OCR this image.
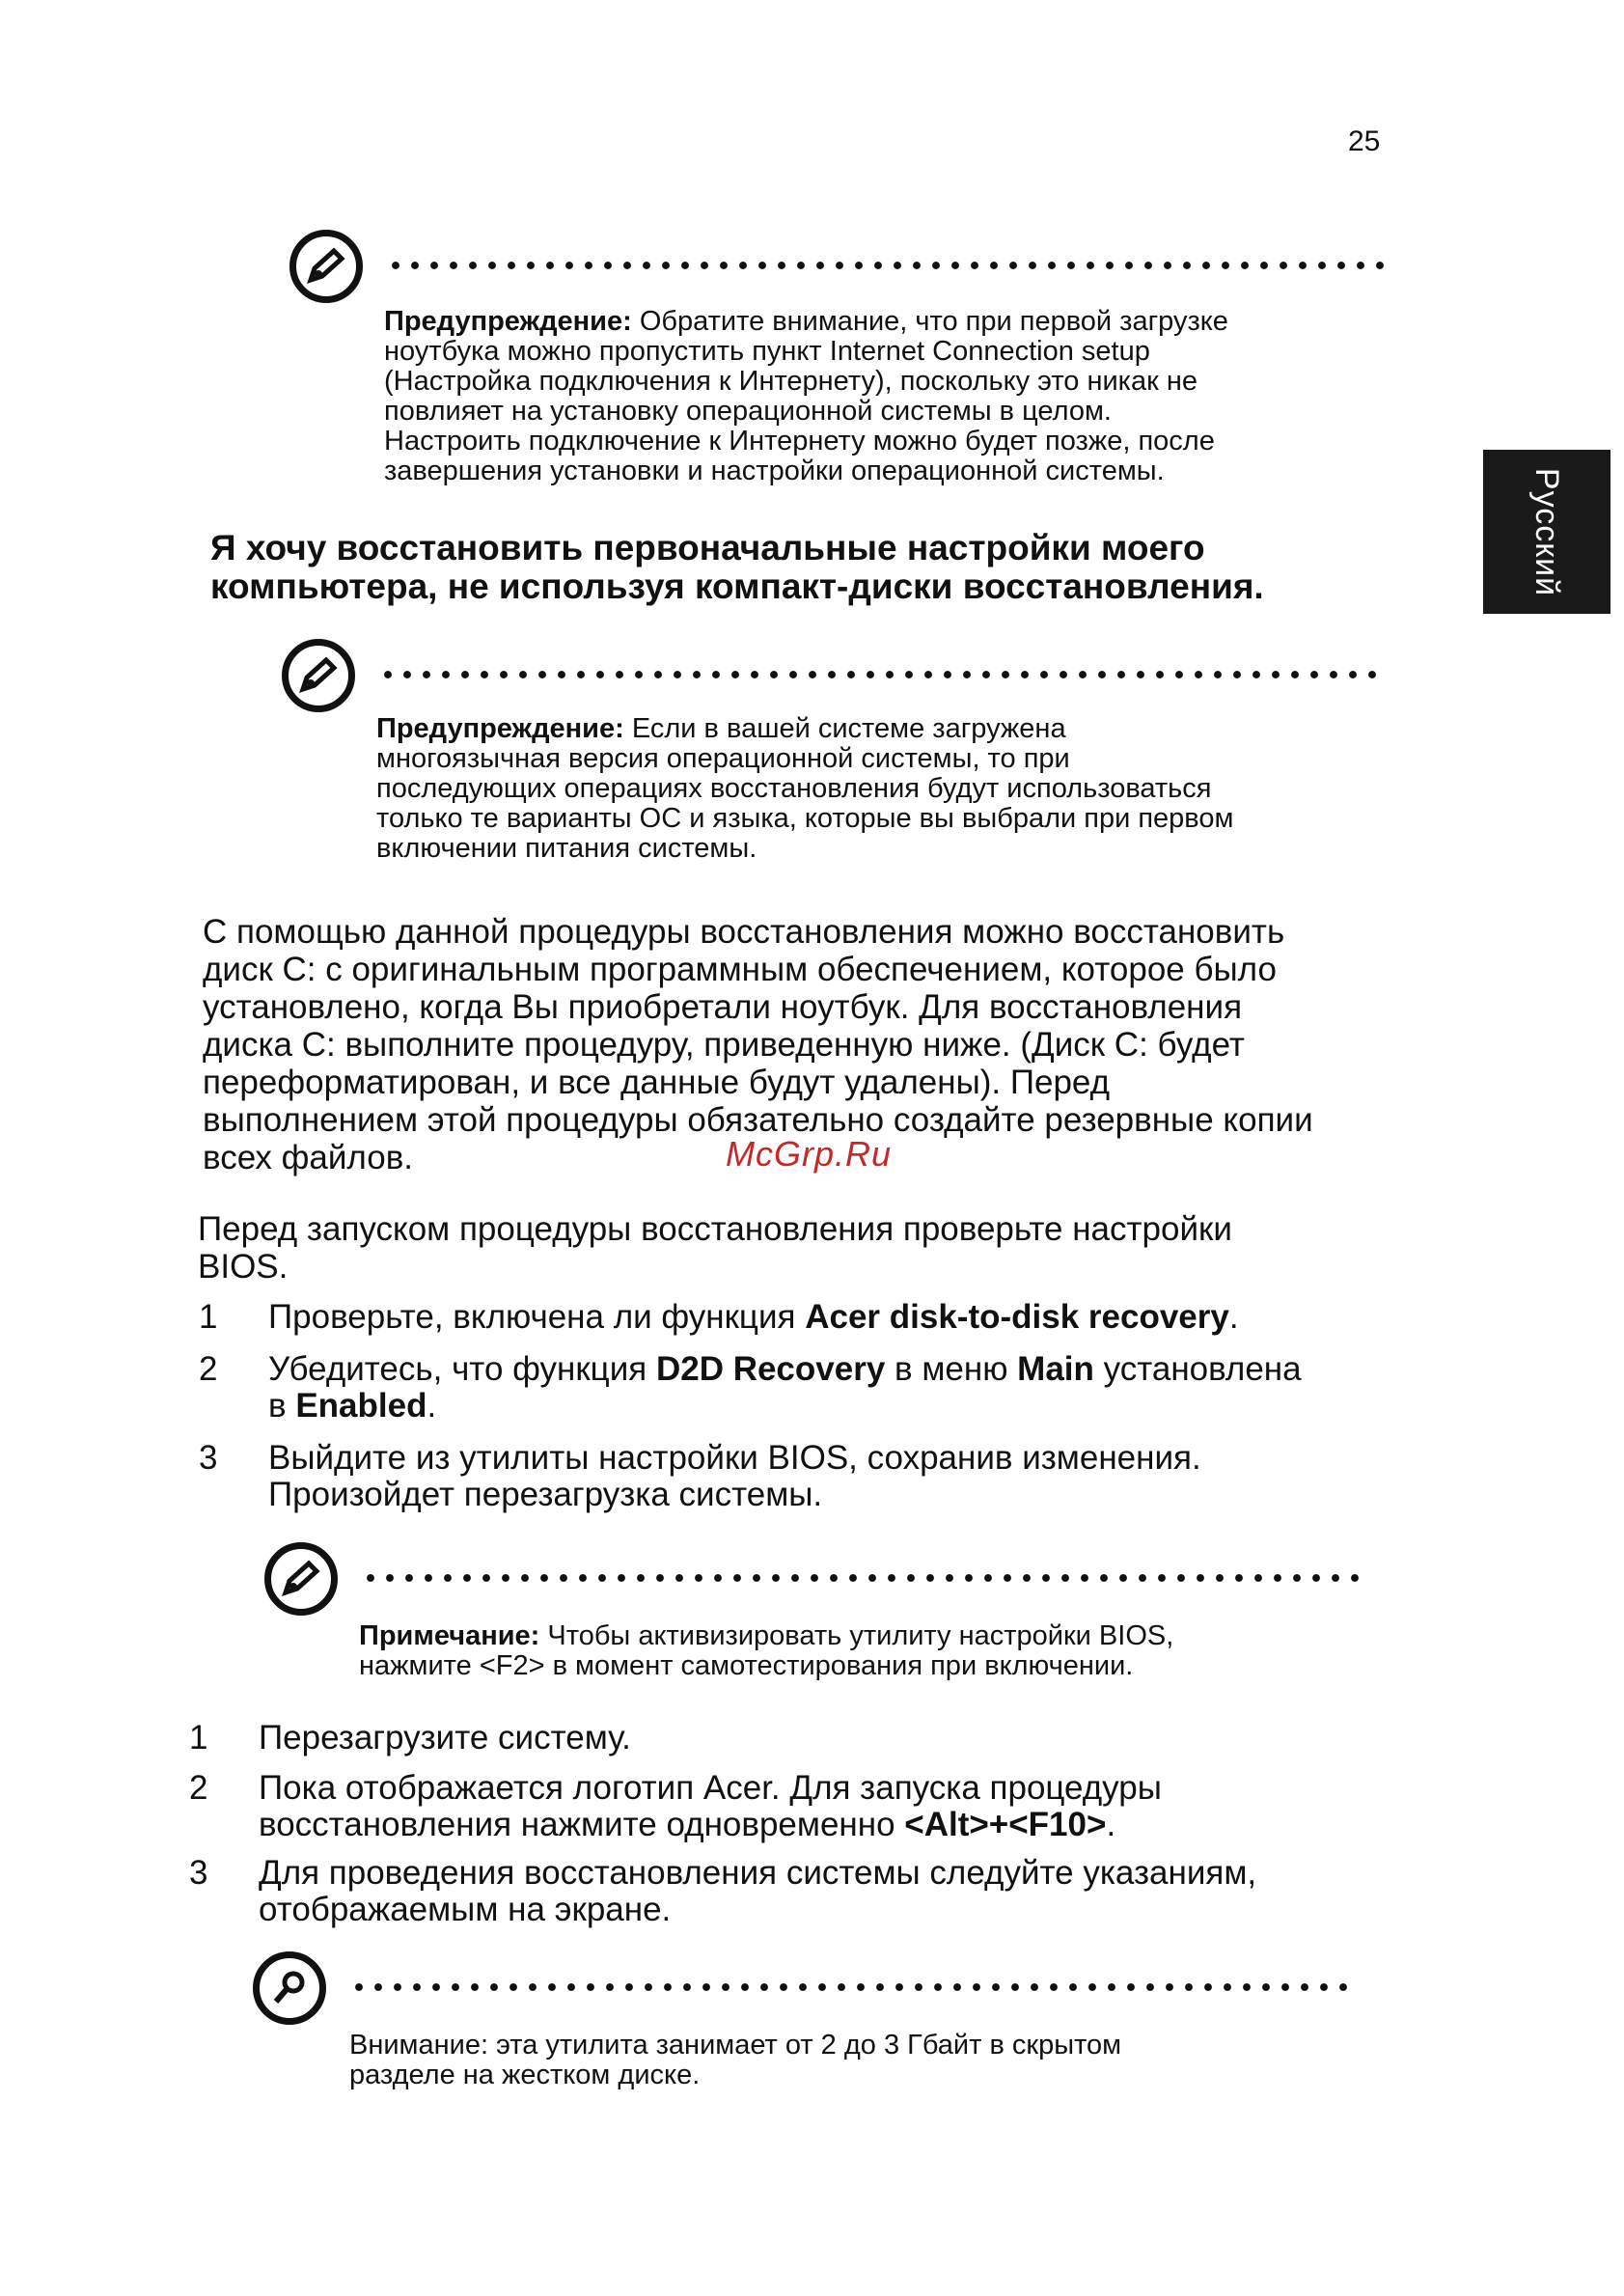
25
Русский
Предупреждение: Обратите внимание, что при первой загрузке
ноутбука можно пропустить пункт Internet Connection setup
(Настройка подключения к Интернету), поскольку это никак не
повлияет на установку операционной системы в целом.
Настроить подключение к Интернету можно будет позже, после
завершения установки и настройки операционной системы.
Я хочу восстановить первоначальные настройки моего
компьютера, не используя компакт-диски восстановления.
Предупреждение: Если в вашей системе загружена
многоязычная версия операционной системы, то при
последующих операциях восстановления будут использоваться
только те варианты ОС и языка, которые вы выбрали при первом
включении питания системы.
С помощью данной процедуры восстановления можно восстановить
диск С: с оригинальным программным обеспечением, которое было
установлено, когда Вы приобретали ноутбук. Для восстановления
диска С: выполните процедуру, приведенную ниже. (Диск С: будет
переформатирован, и все данные будут удалены). Перед
выполнением этой процедуры обязательно создайте резервные копии
всех файлов.	McGrp.Ru
Перед запуском процедуры восстановления проверьте настройки
BIOS.
1 Проверьте, включена ли функция Acer disk-to-disk recovery.
2 Убедитесь, что функция D2D Recovery в меню Main установлена
в Enabled.
3 Выйдите из утилиты настройки BIOS, сохранив изменения.
Произойдет перезагрузка системы.
Примечание: Чтобы активизировать утилиту настройки BIOS,
нажмите <F2> в момент самотестирования при включении.
1 Перезагрузите систему.
2 Пока отображается логотип Acer. Для запуска процедуры
восстановления нажмите одновременно <Alt>+<F10>.
3 Для проведения восстановления системы следуйте указаниям,
отображаемым на экране.
Внимание: эта утилита занимает от 2 до 3 Гбайт в скрытом
разделе на жестком диске.
